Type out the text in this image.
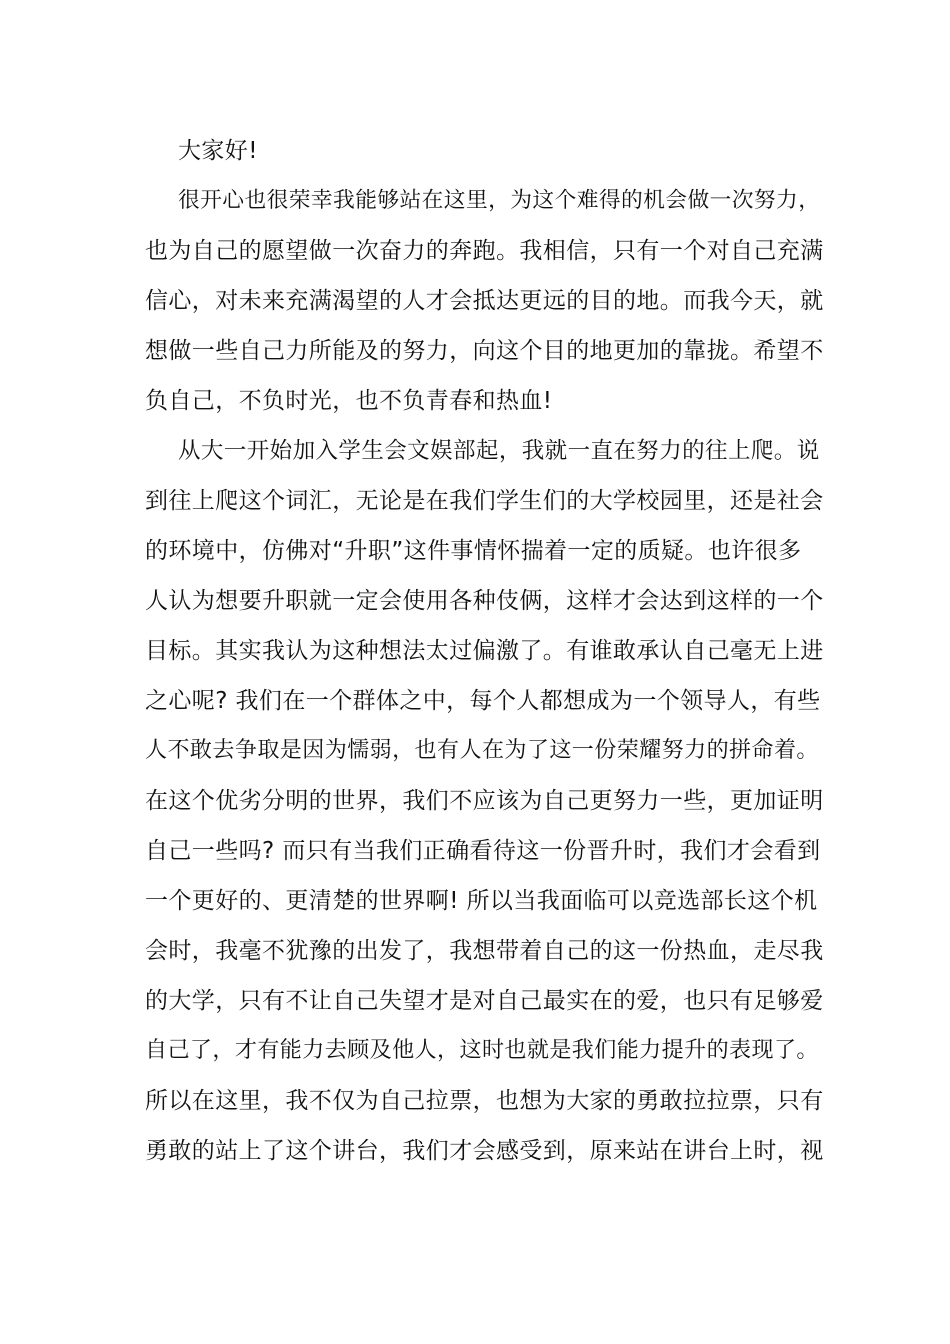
大家好!
很开心也很荣幸我能够站在这里，为这个难得的机会做一次努力，
也为自己的愿望做一次奋力的奔跑。我相信，只有一个对自己充满
信心，对未来充满渴望的人才会抵达更远的目的地。而我今天，就
想做一些自己力所能及的努力，向这个目的地更加的靠拢。希望不
负自己，不负时光，也不负青春和热血!
从大一开始加入学生会文娱部起，我就一直在努力的往上爬。说
到往上爬这个词汇，无论是在我们学生们的大学校园里，还是社会
的环境中，仿佛对“升职”这件事情怀揣着一定的质疑。也许很多
人认为想要升职就一定会使用各种伎俩，这样才会达到这样的一个
目标。其实我认为这种想法太过偏激了。有谁敢承认自己毫无上进
之心呢? 我们在一个群体之中，每个人都想成为一个领导人，有些
人不敢去争取是因为懦弱，也有人在为了这一份荣耀努力的拼命着。
在这个优劣分明的世界，我们不应该为自己更努力一些，更加证明
自己一些吗? 而只有当我们正确看待这一份晋升时，我们才会看到
一个更好的、更清楚的世界啊! 所以当我面临可以竞选部长这个机
会时，我毫不犹豫的出发了，我想带着自己的这一份热血，走尽我
的大学，只有不让自己失望才是对自己最实在的爱，也只有足够爱
自己了，才有能力去顾及他人，这时也就是我们能力提升的表现了。
所以在这里，我不仅为自己拉票，也想为大家的勇敢拉拉票，只有
勇敢的站上了这个讲台，我们才会感受到，原来站在讲台上时，视
